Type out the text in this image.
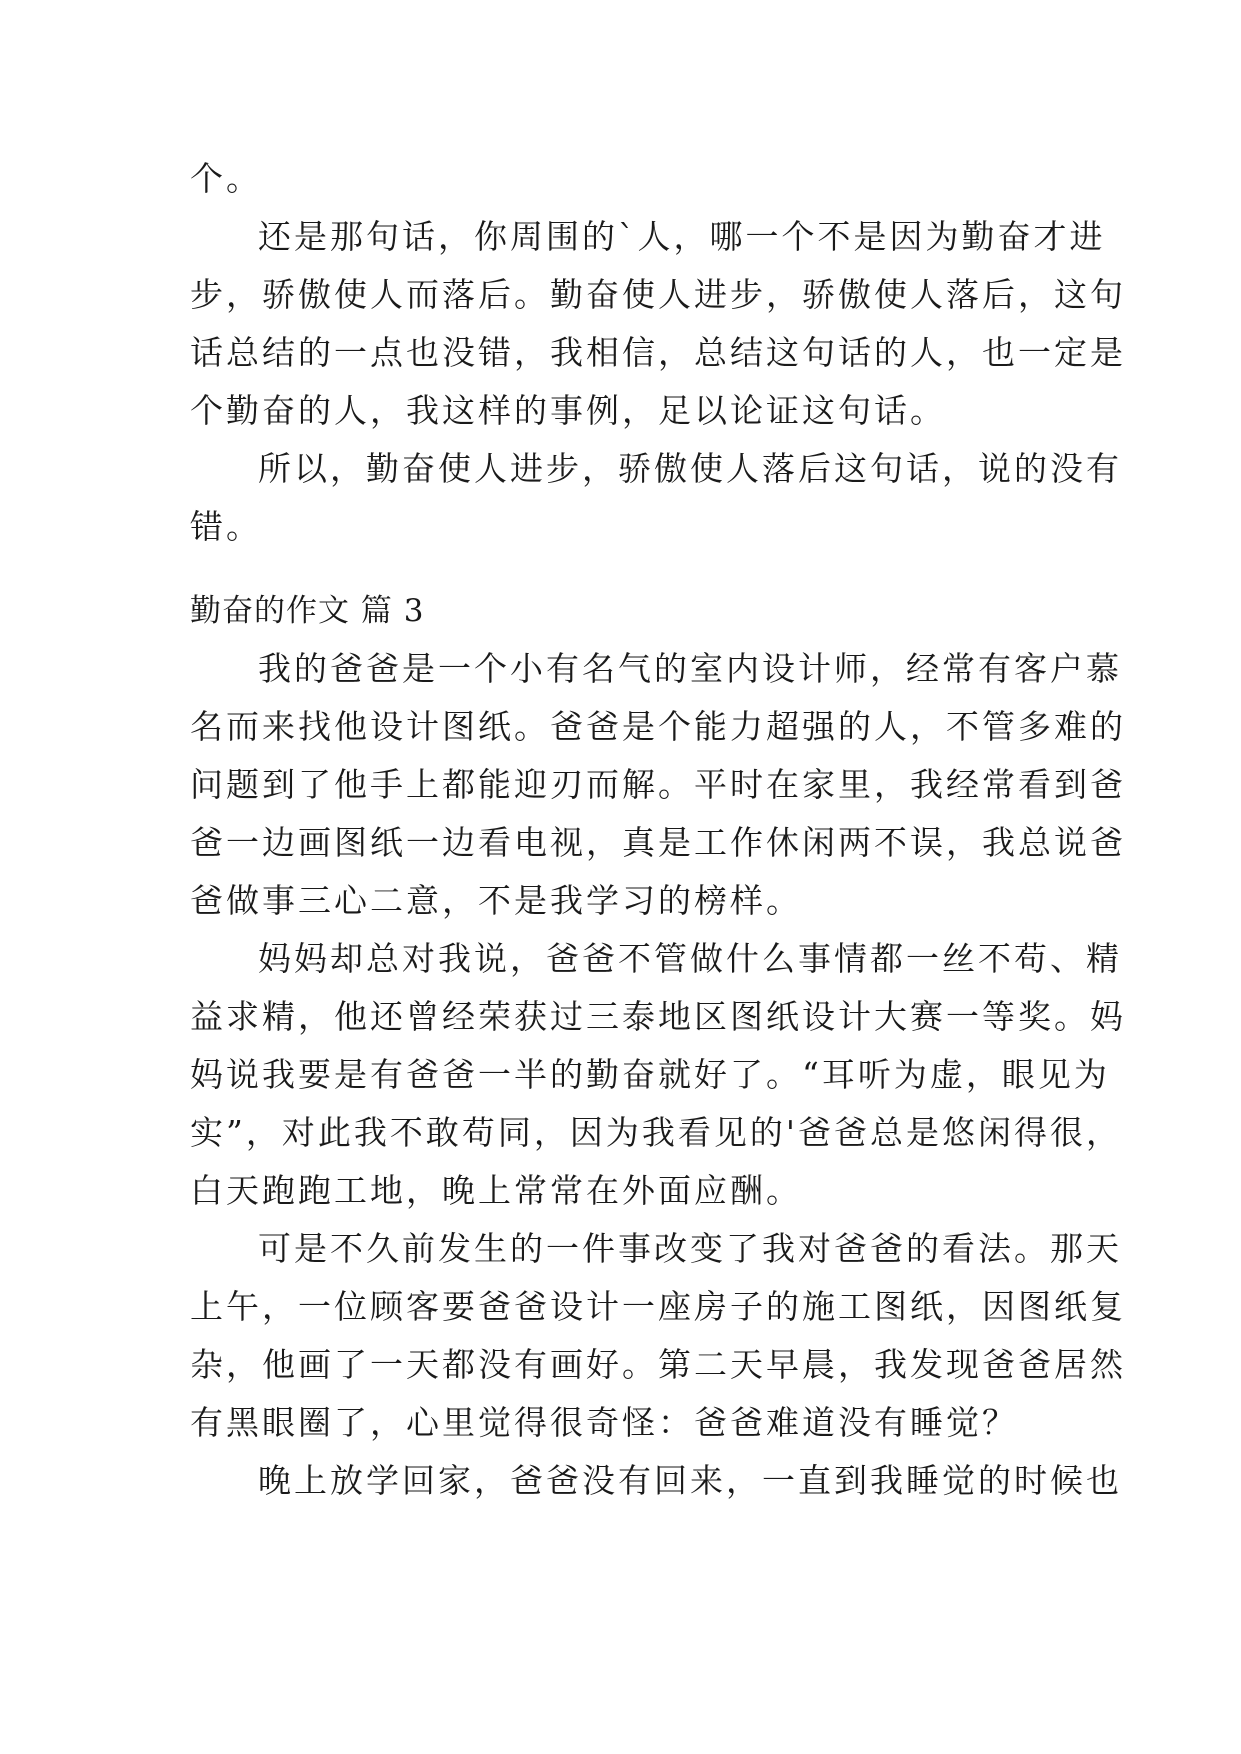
个。
还是那句话，你周围的`人，哪一个不是因为勤奋才进
步，骄傲使人而落后。勤奋使人进步，骄傲使人落后，这句
话总结的一点也没错，我相信，总结这句话的人，也一定是
个勤奋的人，我这样的事例，足以论证这句话。
所以，勤奋使人进步，骄傲使人落后这句话，说的没有
错。
勤奋的作文 篇 3
我的爸爸是一个小有名气的室内设计师，经常有客户慕
名而来找他设计图纸。爸爸是个能力超强的人，不管多难的
问题到了他手上都能迎刃而解。平时在家里，我经常看到爸
爸一边画图纸一边看电视，真是工作休闲两不误，我总说爸
爸做事三心二意，不是我学习的榜样。
妈妈却总对我说，爸爸不管做什么事情都一丝不苟、精
益求精，他还曾经荣获过三泰地区图纸设计大赛一等奖。妈
妈说我要是有爸爸一半的勤奋就好了。“耳听为虚，眼见为
实”，对此我不敢苟同，因为我看见的'爸爸总是悠闲得很，
白天跑跑工地，晚上常常在外面应酬。
可是不久前发生的一件事改变了我对爸爸的看法。那天
上午，一位顾客要爸爸设计一座房子的施工图纸，因图纸复
杂，他画了一天都没有画好。第二天早晨，我发现爸爸居然
有黑眼圈了，心里觉得很奇怪：爸爸难道没有睡觉？
晚上放学回家，爸爸没有回来，一直到我睡觉的时候也
